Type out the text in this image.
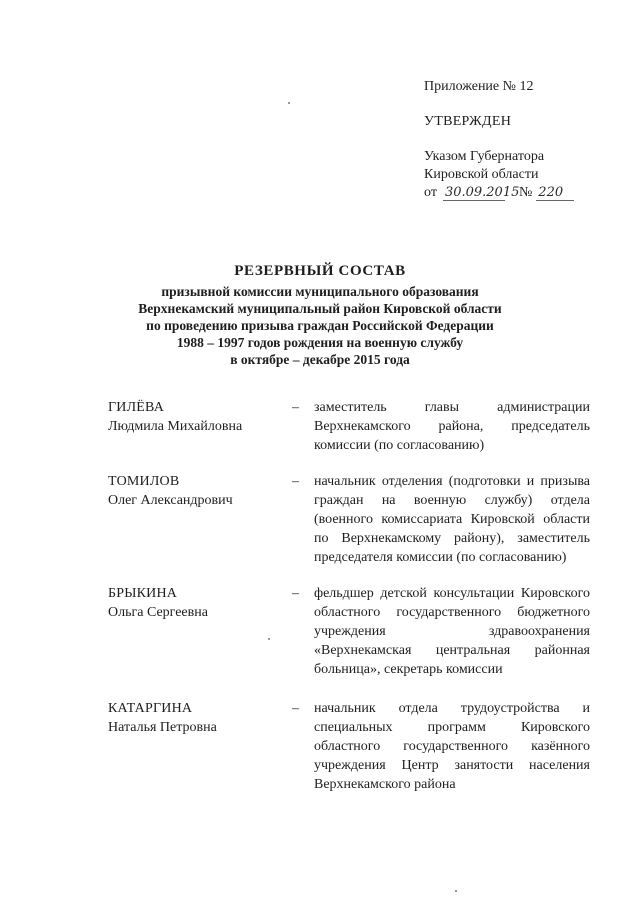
Приложение № 12

УТВЕРЖДЕН

Указом Губернатора

Кировской области

от 30.09.2015 № 220

РЕЗЕРВНЫЙ СОСТАВ

призывной комиссии муниципального образования

Верхнекамский муниципальный район Кировской области

по проведению призыва граждан Российской Федерации

1988 – 1997 годов рождения на военную службу

в октябре – декабре 2015 года

ГИЛЁВА
Людмила Михайловна
–	заместитель главы администрации Верхнекамского района, председатель комиссии (по согласованию)
ТОМИЛОВ
Олег Александрович
–	начальник отделения (подготовки и призыва граждан на военную службу) отдела (военного комиссариата Кировской области по Верхнекамскому району), заместитель председателя комиссии (по согласованию)
БРЫКИНА
Ольга Сергеевна
–	фельдшер детской консультации Кировского областного государственного бюджетного учреждения здравоохранения «Верхнекамская центральная районная больница», секретарь комиссии
КАТАРГИНА
Наталья Петровна
–	начальник отдела трудоустройства и специальных программ Кировского областного государственного казённого учреждения Центр занятости населения Верхнекамского района
